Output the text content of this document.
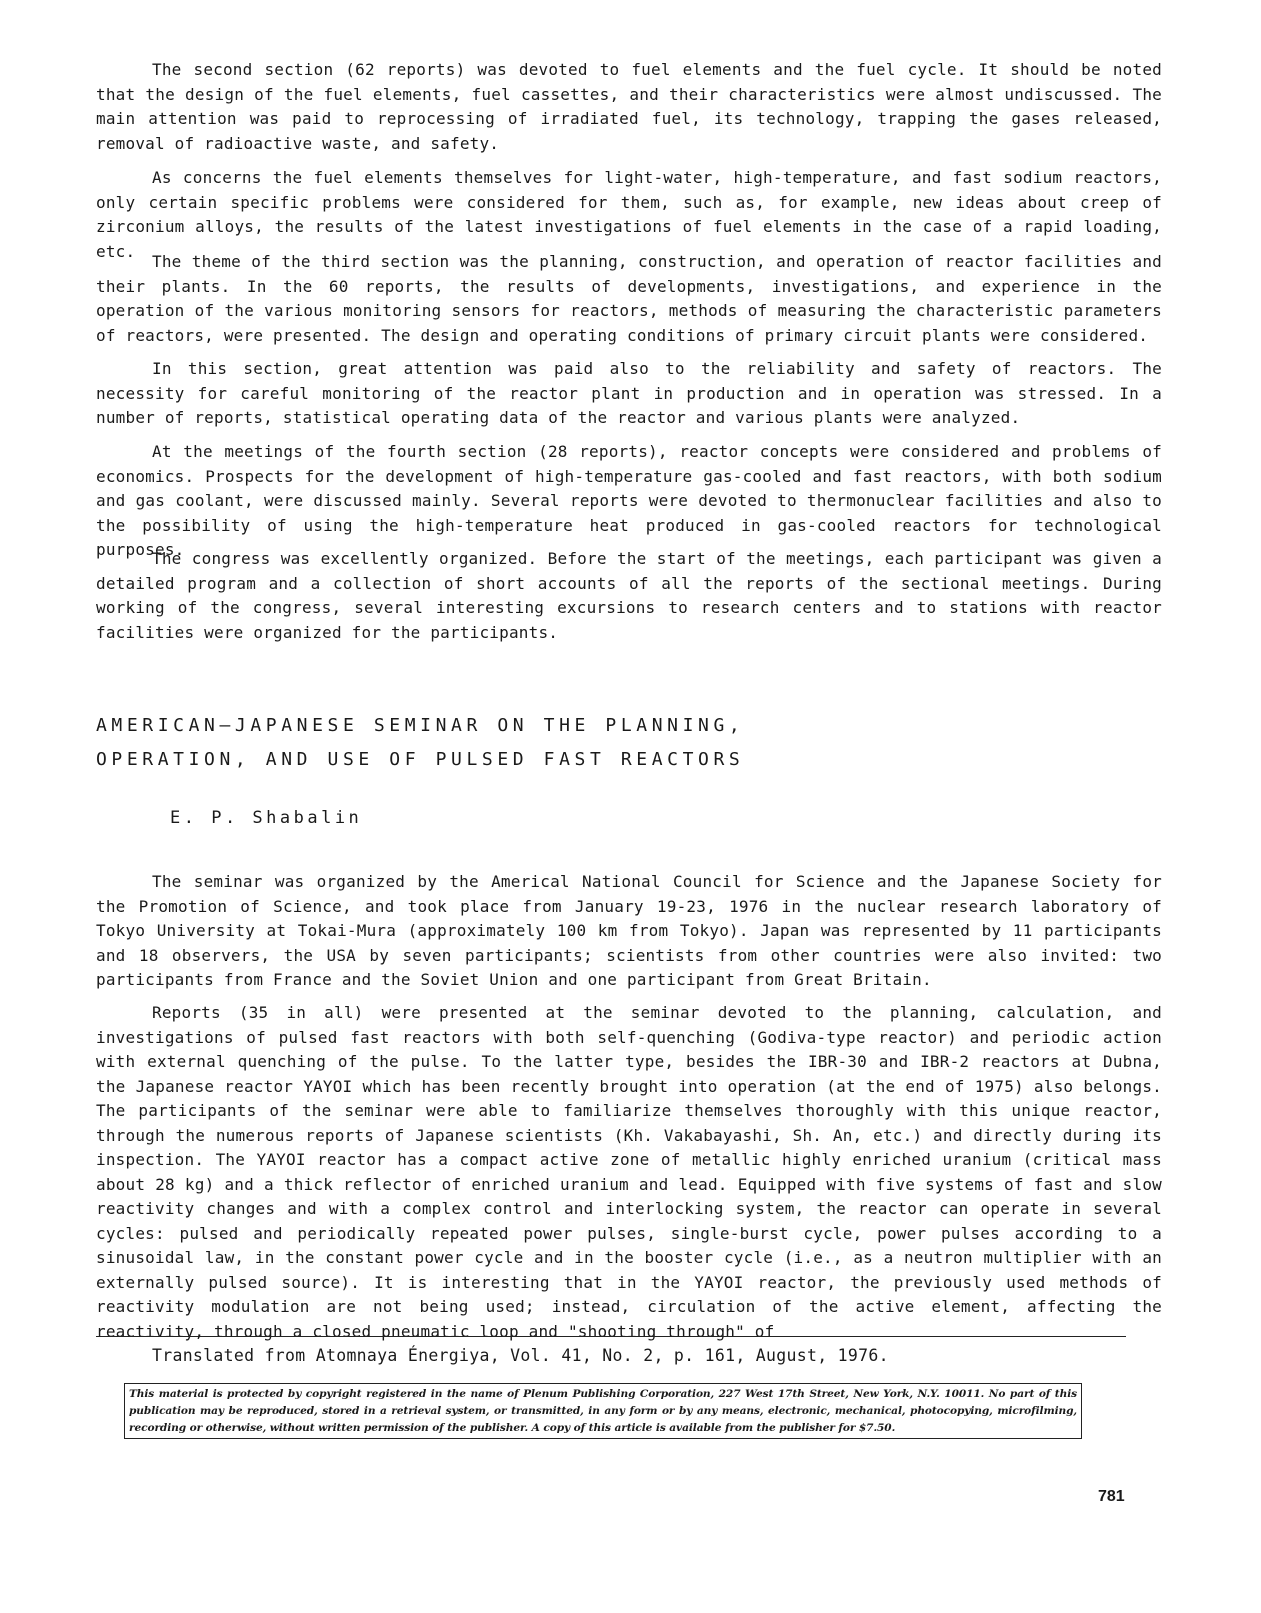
The second section (62 reports) was devoted to fuel elements and the fuel cycle. It should be noted that the design of the fuel elements, fuel cassettes, and their characteristics were almost undiscussed. The main attention was paid to reprocessing of irradiated fuel, its technology, trapping the gases released, removal of radioactive waste, and safety.

As concerns the fuel elements themselves for light-water, high-temperature, and fast sodium reactors, only certain specific problems were considered for them, such as, for example, new ideas about creep of zirconium alloys, the results of the latest investigations of fuel elements in the case of a rapid loading, etc.

The theme of the third section was the planning, construction, and operation of reactor facilities and their plants. In the 60 reports, the results of developments, investigations, and experience in the operation of the various monitoring sensors for reactors, methods of measuring the characteristic parameters of reactors, were presented. The design and operating conditions of primary circuit plants were considered.

In this section, great attention was paid also to the reliability and safety of reactors. The necessity for careful monitoring of the reactor plant in production and in operation was stressed. In a number of reports, statistical operating data of the reactor and various plants were analyzed.

At the meetings of the fourth section (28 reports), reactor concepts were considered and problems of economics. Prospects for the development of high-temperature gas-cooled and fast reactors, with both sodium and gas coolant, were discussed mainly. Several reports were devoted to thermonuclear facilities and also to the possibility of using the high-temperature heat produced in gas-cooled reactors for technological purposes.

The congress was excellently organized. Before the start of the meetings, each participant was given a detailed program and a collection of short accounts of all the reports of the sectional meetings. During working of the congress, several interesting excursions to research centers and to stations with reactor facilities were organized for the participants.

AMERICAN—JAPANESE SEMINAR ON THE PLANNING,
OPERATION, AND USE OF PULSED FAST REACTORS
E. P. Shabalin

The seminar was organized by the Americal National Council for Science and the Japanese Society for the Promotion of Science, and took place from January 19-23, 1976 in the nuclear research laboratory of Tokyo University at Tokai-Mura (approximately 100 km from Tokyo). Japan was represented by 11 participants and 18 observers, the USA by seven participants; scientists from other countries were also invited: two participants from France and the Soviet Union and one participant from Great Britain.

Reports (35 in all) were presented at the seminar devoted to the planning, calculation, and investigations of pulsed fast reactors with both self-quenching (Godiva-type reactor) and periodic action with external quenching of the pulse. To the latter type, besides the IBR-30 and IBR-2 reactors at Dubna, the Japanese reactor YAYOI which has been recently brought into operation (at the end of 1975) also belongs. The participants of the seminar were able to familiarize themselves thoroughly with this unique reactor, through the numerous reports of Japanese scientists (Kh. Vakabayashi, Sh. An, etc.) and directly during its inspection. The YAYOI reactor has a compact active zone of metallic highly enriched uranium (critical mass about 28 kg) and a thick reflector of enriched uranium and lead. Equipped with five systems of fast and slow reactivity changes and with a complex control and interlocking system, the reactor can operate in several cycles: pulsed and periodically repeated power pulses, single-burst cycle, power pulses according to a sinusoidal law, in the constant power cycle and in the booster cycle (i.e., as a neutron multiplier with an externally pulsed source). It is interesting that in the YAYOI reactor, the previously used methods of reactivity modulation are not being used; instead, circulation of the active element, affecting the reactivity, through a closed pneumatic loop and "shooting through" of

Translated from Atomnaya Énergiya, Vol. 41, No. 2, p. 161, August, 1976.
This material is protected by copyright registered in the name of Plenum Publishing Corporation, 227 West 17th Street, New York, N.Y. 10011. No part of this publication may be reproduced, stored in a retrieval system, or transmitted, in any form or by any means, electronic, mechanical, photocopying, microfilming, recording or otherwise, without written permission of the publisher. A copy of this article is available from the publisher for $7.50.
781
